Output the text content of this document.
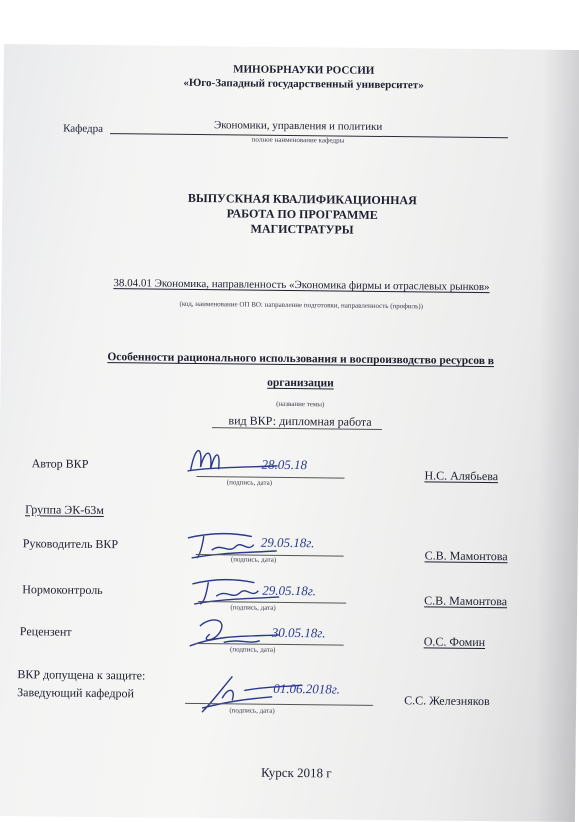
МИНОБРНАУКИ РОССИИ
«Юго-Западный государственный университет»
Кафедра	Экономики, управления и политики
полное наименование кафедры
ВЫПУСКНАЯ КВАЛИФИКАЦИОННАЯ
РАБОТА ПО ПРОГРАММЕ
МАГИСТРАТУРЫ
38.04.01 Экономика, направленность «Экономика фирмы и отраслевых рынков»
(код, наименование ОП ВО: направление подготовки, направленность (профиль))
Особенности рационального использования и воспроизводство ресурсов в
организации
(название темы)
вид ВКР: дипломная работа
Автор ВКР	28.05.18
(подпись, дата)	Н.С. Алябьева
Группа ЭК-63м
Руководитель ВКР	29.05.18г.
(подпись, дата)	С.В. Мамонтова
Нормоконтроль	29.05.18г.
(подпись, дата)	С.В. Мамонтова
Рецензент	30.05.18г.
(подпись, дата)
О.С. Фомин
ВКР допущена к защите:
Заведующий кафедрой	01.06.2018г.
(подпись, дата)
С.С. Железняков
Курск 2018 г
